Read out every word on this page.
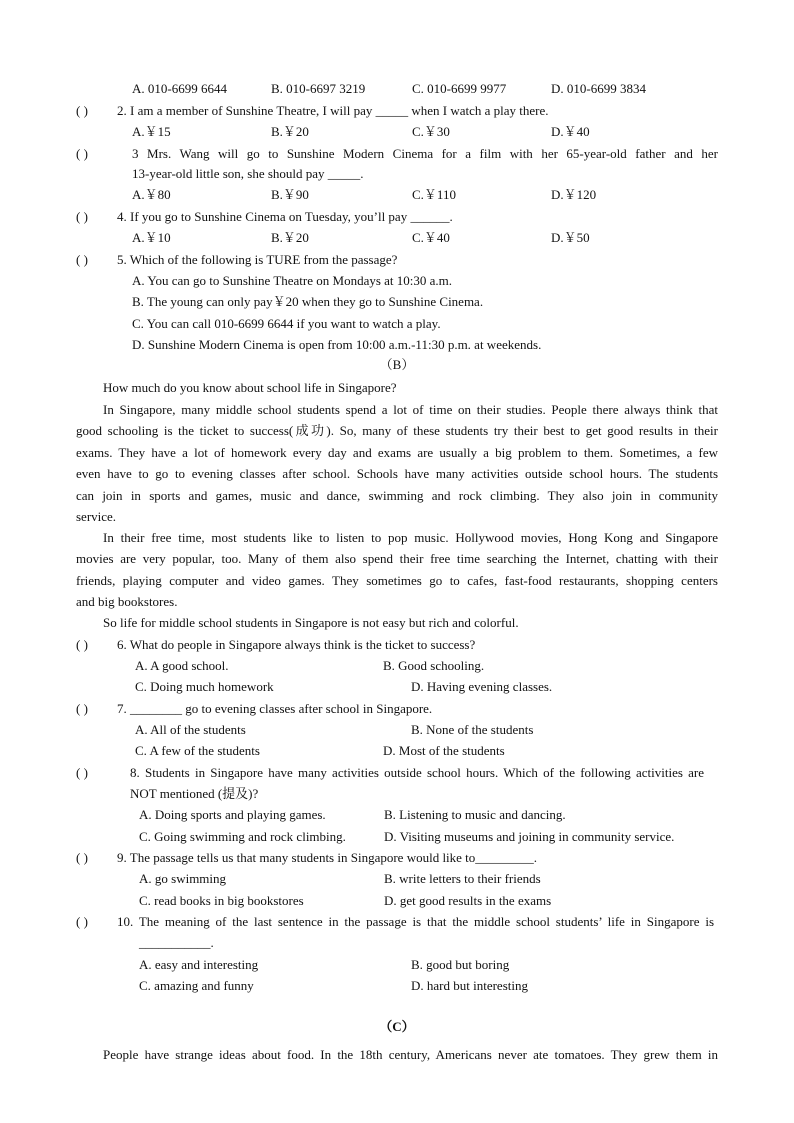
A. 010-6699 6644	B. 010-6697 3219	C. 010-6699 9977	D. 010-6699 3834
( ) 2. I am a member of Sunshine Theatre, I will pay _____ when I watch a play there.
A.￥15	B.￥20	C.￥30	D.￥40
( )	3 Mrs. Wang will go to Sunshine Modern Cinema for a film with her 65-year-old father and her
13-year-old little son, she should pay _____.
A.￥80	B.￥90	C.￥110	D.￥120
( ) 4. If you go to Sunshine Cinema on Tuesday, you’ll pay ______.
A.￥10	B.￥20	C.￥40	D.￥50
( ) 5. Which of the following is TURE from the passage?
A. You can go to Sunshine Theatre on Mondays at 10:30 a.m.
B. The young can only pay￥20 when they go to Sunshine Cinema.
C. You can call 010-6699 6644 if you want to watch a play.
D. Sunshine Modern Cinema is open from 10:00 a.m.-11:30 p.m. at weekends.
（B）
How much do you know about school life in Singapore?
In Singapore, many middle school students spend a lot of time on their studies. People there always think that
good schooling is the ticket to success(成功). So, many of these students try their best to get good results in their
exams. They have a lot of homework every day and exams are usually a big problem to them. Sometimes, a few
even have to go to evening classes after school. Schools have many activities outside school hours. The students
can join in sports and games, music and dance, swimming and rock climbing. They also join in community
service.
In their free time, most students like to listen to pop music. Hollywood movies, Hong Kong and Singapore
movies are very popular, too. Many of them also spend their free time searching the Internet, chatting with their
friends, playing computer and video games. They sometimes go to cafes, fast-food restaurants, shopping centers
and big bookstores.
So life for middle school students in Singapore is not easy but rich and colorful.
( ) 6. What do people in Singapore always think is the ticket to success?
A. A good school.	B. Good schooling.
C. Doing much homework	D. Having evening classes.
( ) 7. ________ go to evening classes after school in Singapore.
A. All of the students	B. None of the students
C. A few of the students	D. Most of the students
( )	8. Students in Singapore have many activities outside school hours. Which of the following activities are
NOT mentioned (提及)?
A. Doing sports and playing games.	B. Listening to music and dancing.
C. Going swimming and rock climbing.	D. Visiting museums and joining in community service.
( ) 9. The passage tells us that many students in Singapore would like to_________.
A. go swimming	B. write letters to their friends
C. read books in big bookstores	D. get good results in the exams
( ) 10. The meaning of the last sentence in the passage is that the middle school students’ life in Singapore is
___________.
A. easy and interesting	B. good but boring
C. amazing and funny	D. hard but interesting
（C）
People have strange ideas about food. In the 18th century, Americans never ate tomatoes. They grew them in
